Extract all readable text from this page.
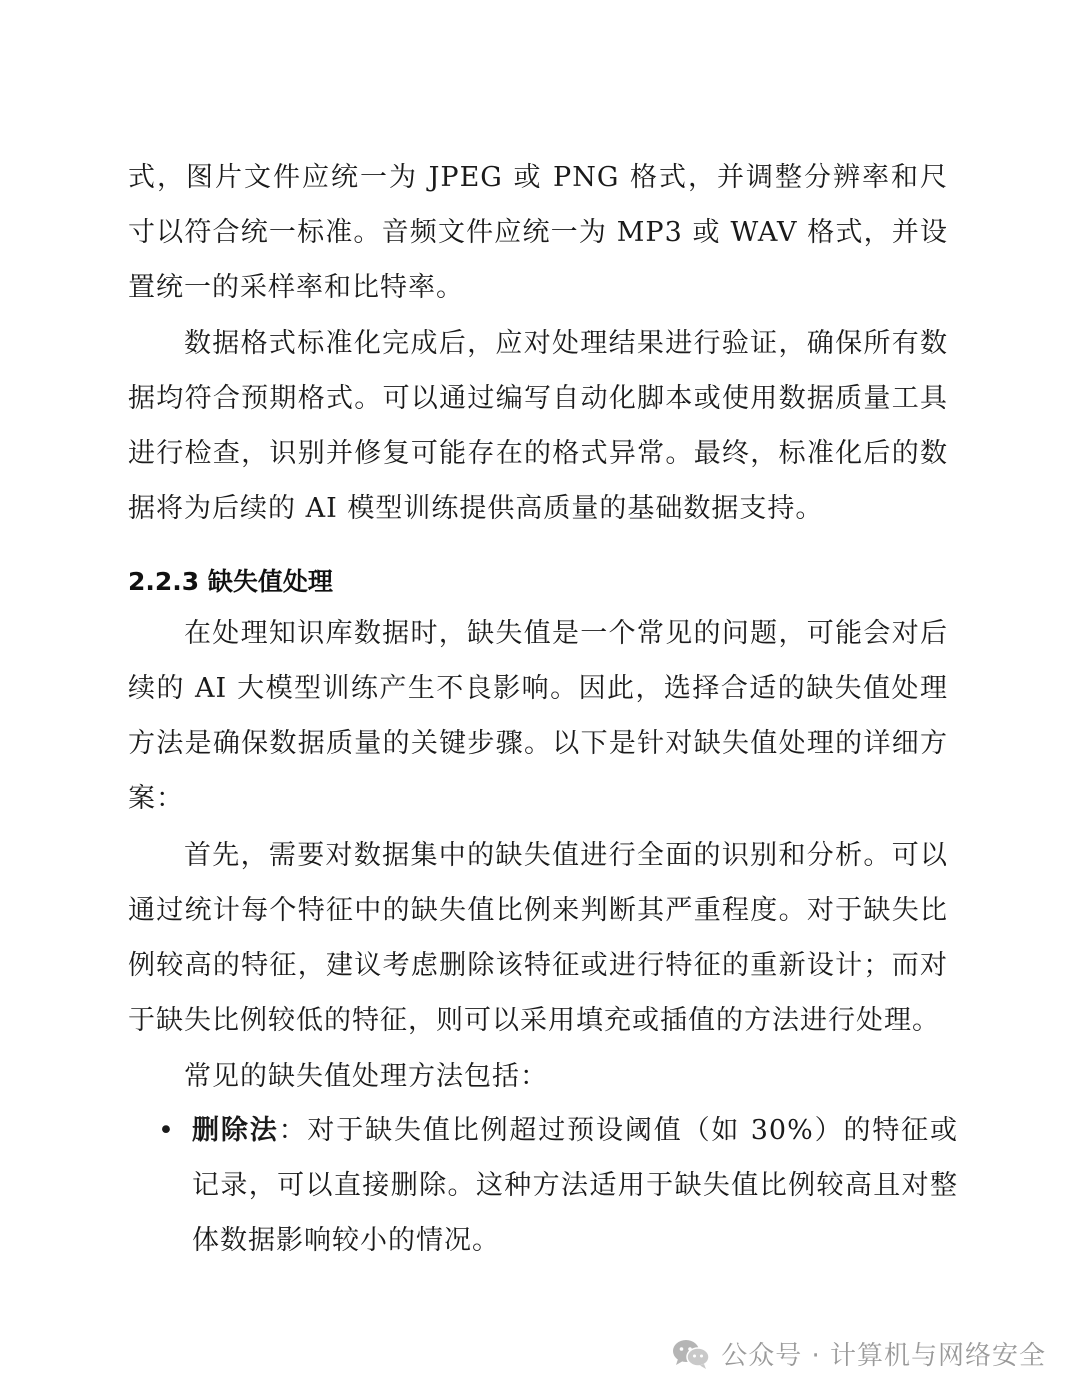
式，图片文件应统一为 JPEG 或 PNG 格式，并调整分辨率和尺寸以符合统一标准。音频文件应统一为 MP3 或 WAV 格式，并设置统一的采样率和比特率。

数据格式标准化完成后，应对处理结果进行验证，确保所有数据均符合预期格式。可以通过编写自动化脚本或使用数据质量工具进行检查，识别并修复可能存在的格式异常。最终，标准化后的数据将为后续的 AI 模型训练提供高质量的基础数据支持。

2.2.3 缺失值处理

在处理知识库数据时，缺失值是一个常见的问题，可能会对后续的 AI 大模型训练产生不良影响。因此，选择合适的缺失值处理方法是确保数据质量的关键步骤。以下是针对缺失值处理的详细方案：

首先，需要对数据集中的缺失值进行全面的识别和分析。可以通过统计每个特征中的缺失值比例来判断其严重程度。对于缺失比例较高的特征，建议考虑删除该特征或进行特征的重新设计；而对于缺失比例较低的特征，则可以采用填充或插值的方法进行处理。

常见的缺失值处理方法包括：

• 删除法：对于缺失值比例超过预设阈值（如 30%）的特征或记录，可以直接删除。这种方法适用于缺失值比例较高且对整体数据影响较小的情况。
公众号 · 计算机与网络安全
